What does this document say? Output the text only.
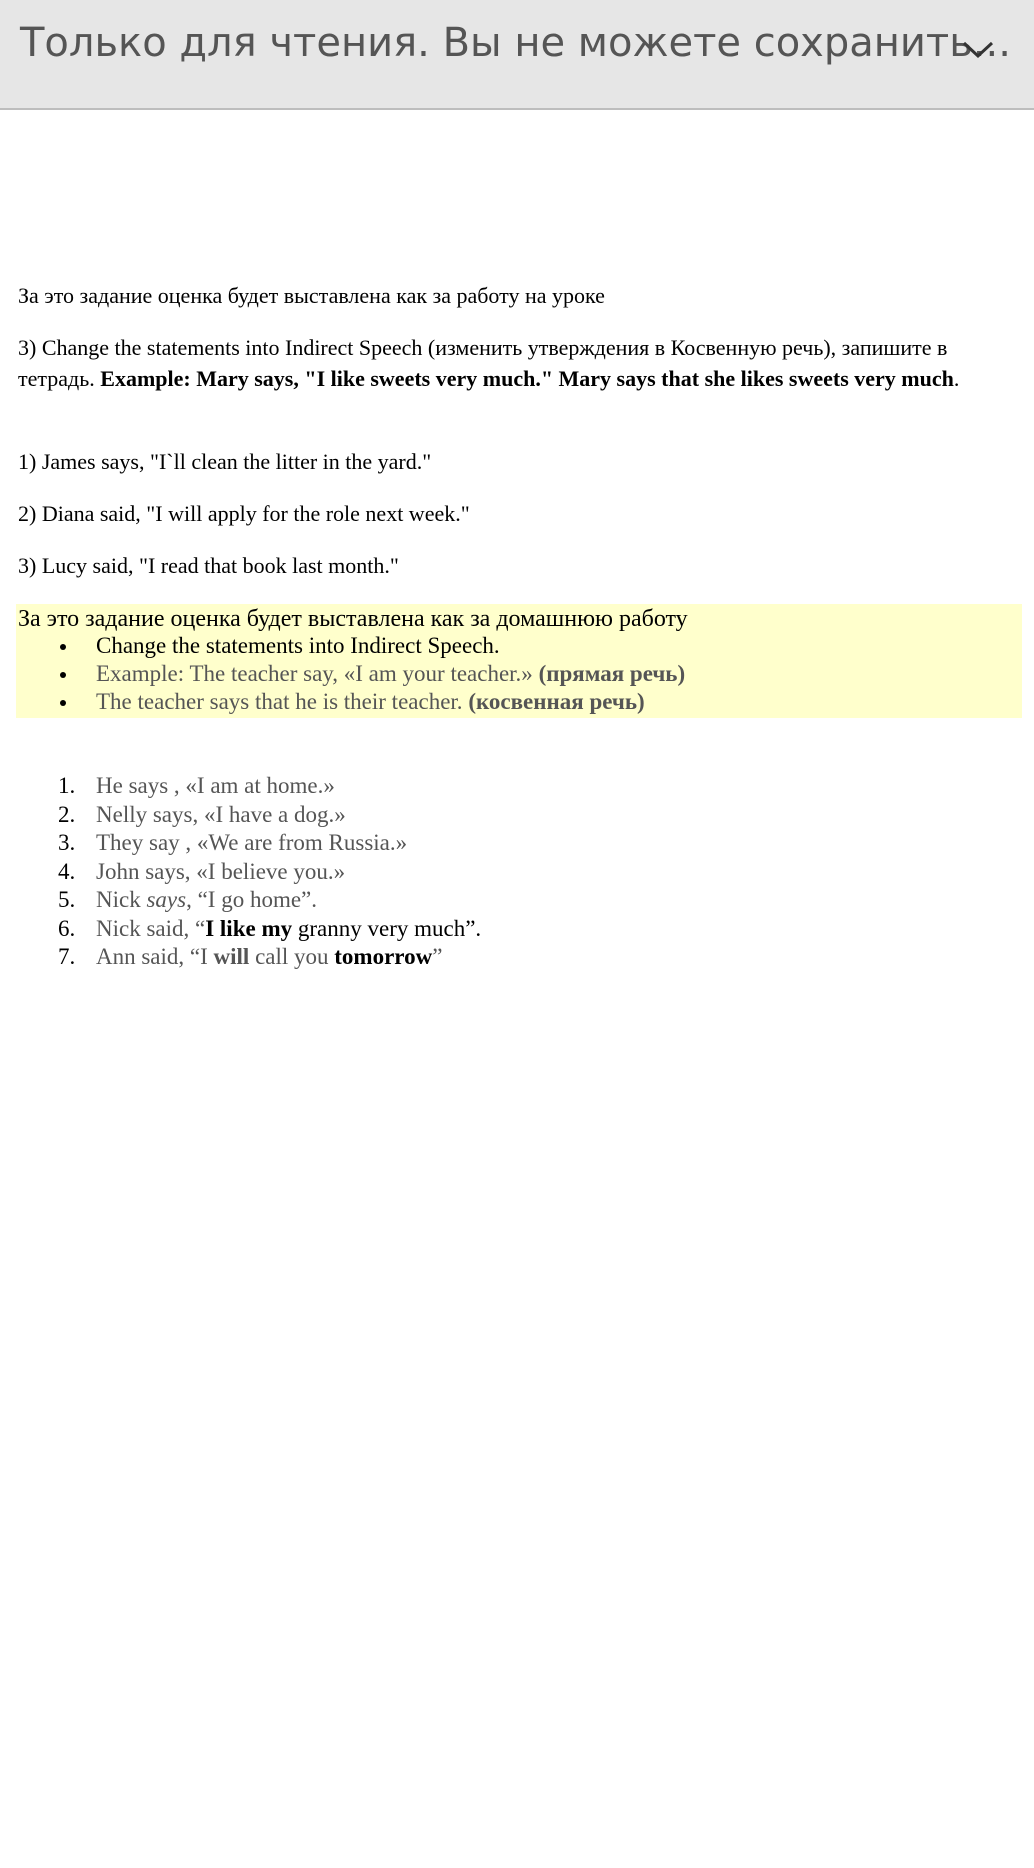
Только для чтения. Вы не можете сохранить...
За это задание оценка будет выставлена как за работу на уроке
3) Change the statements into Indirect Speech (изменить утверждения в Косвенную речь), запишите в тетрадь. Example: Mary says, "I like sweets very much." Mary says that she likes sweets very much.
1) James says, "I`ll clean the litter in the yard."
2) Diana said, "I will apply for the role next week."
3) Lucy said, "I read that book last month."
За это задание оценка будет выставлена как за домашнюю работу
Change the statements into Indirect Speech.
Example: The teacher say, «I am your teacher.» (прямая речь)
The teacher says that he is their teacher. (косвенная речь)
1. He says , «I am at home.»
2. Nelly says, «I have a dog.»
3. They say , «We are from Russia.»
4. John says, «I believe you.»
5. Nick says, “I go home”.
6. Nick said, “I like my granny very much”.
7. Ann said, “I will call you tomorrow”
